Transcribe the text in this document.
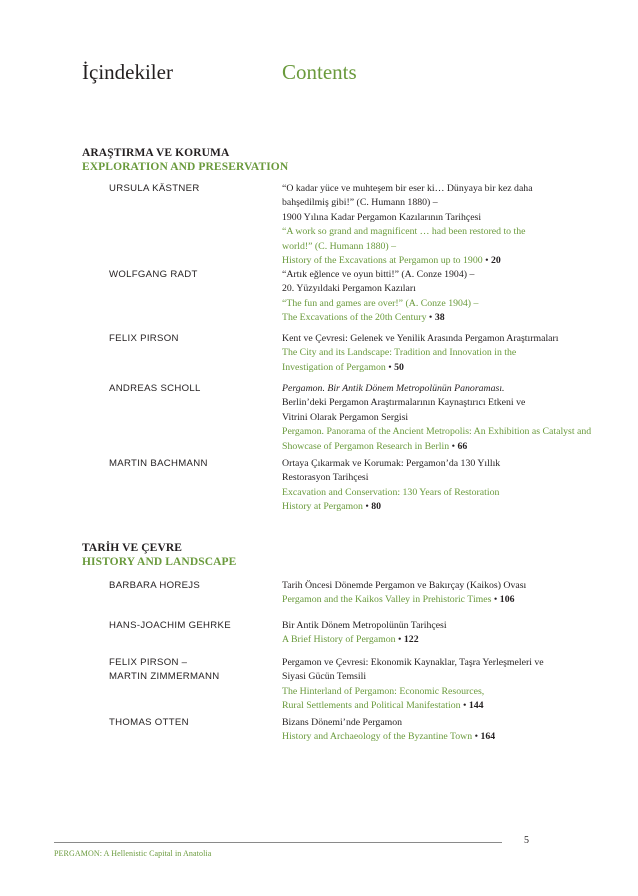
İçindekiler	Contents
ARAŞTIRMA VE KORUMA
EXPLORATION AND PRESERVATION
URSULA KÄSTNER	“O kadar yüce ve muhteşem bir eser ki… Dünyaya bir kez daha
bahşedilmiş gibi!” (C. Humann 1880) –
1900 Yılına Kadar Pergamon Kazılarının Tarihçesi
“A work so grand and magnificent … had been restored to the
world!” (C. Humann 1880) –
History of the Excavations at Pergamon up to 1900 • 20
WOLFGANG RADT	“Artık eğlence ve oyun bitti!” (A. Conze 1904) –
20. Yüzyıldaki Pergamon Kazıları
“The fun and games are over!” (A. Conze 1904) –
The Excavations of the 20th Century • 38
FELIX PIRSON	Kent ve Çevresi: Gelenek ve Yenilik Arasında Pergamon Araştırmaları
The City and its Landscape: Tradition and Innovation in the
Investigation of Pergamon • 50
ANDREAS SCHOLL	Pergamon. Bir Antik Dönem Metropolünün Panoraması.
Berlin’deki Pergamon Araştırmalarının Kaynaştırıcı Etkeni ve
Vitrini Olarak Pergamon Sergisi
Pergamon. Panorama of the Ancient Metropolis: An Exhibition as Catalyst and
Showcase of Pergamon Research in Berlin • 66
MARTIN BACHMANN	Ortaya Çıkarmak ve Korumak: Pergamon’da 130 Yıllık
Restorasyon Tarihçesi
Excavation and Conservation: 130 Years of Restoration
History at Pergamon • 80
TARİH VE ÇEVRE
HISTORY AND LANDSCAPE
BARBARA HOREJS	Tarih Öncesi Dönemde Pergamon ve Bakırçay (Kaikos) Ovası
Pergamon and the Kaikos Valley in Prehistoric Times • 106
HANS-JOACHIM GEHRKE	Bir Antik Dönem Metropolünün Tarihçesi
A Brief History of Pergamon • 122
FELIX PIRSON –
MARTIN ZIMMERMANN
Pergamon ve Çevresi: Ekonomik Kaynaklar, Taşra Yerleşmeleri ve
Siyasi Gücün Temsili
The Hinterland of Pergamon: Economic Resources,
Rural Settlements and Political Manifestation • 144
THOMAS OTTEN	Bizans Dönemi’nde Pergamon
History and Archaeology of the Byzantine Town • 164
PERGAMON: A Hellenistic Capital in Anatolia
5
